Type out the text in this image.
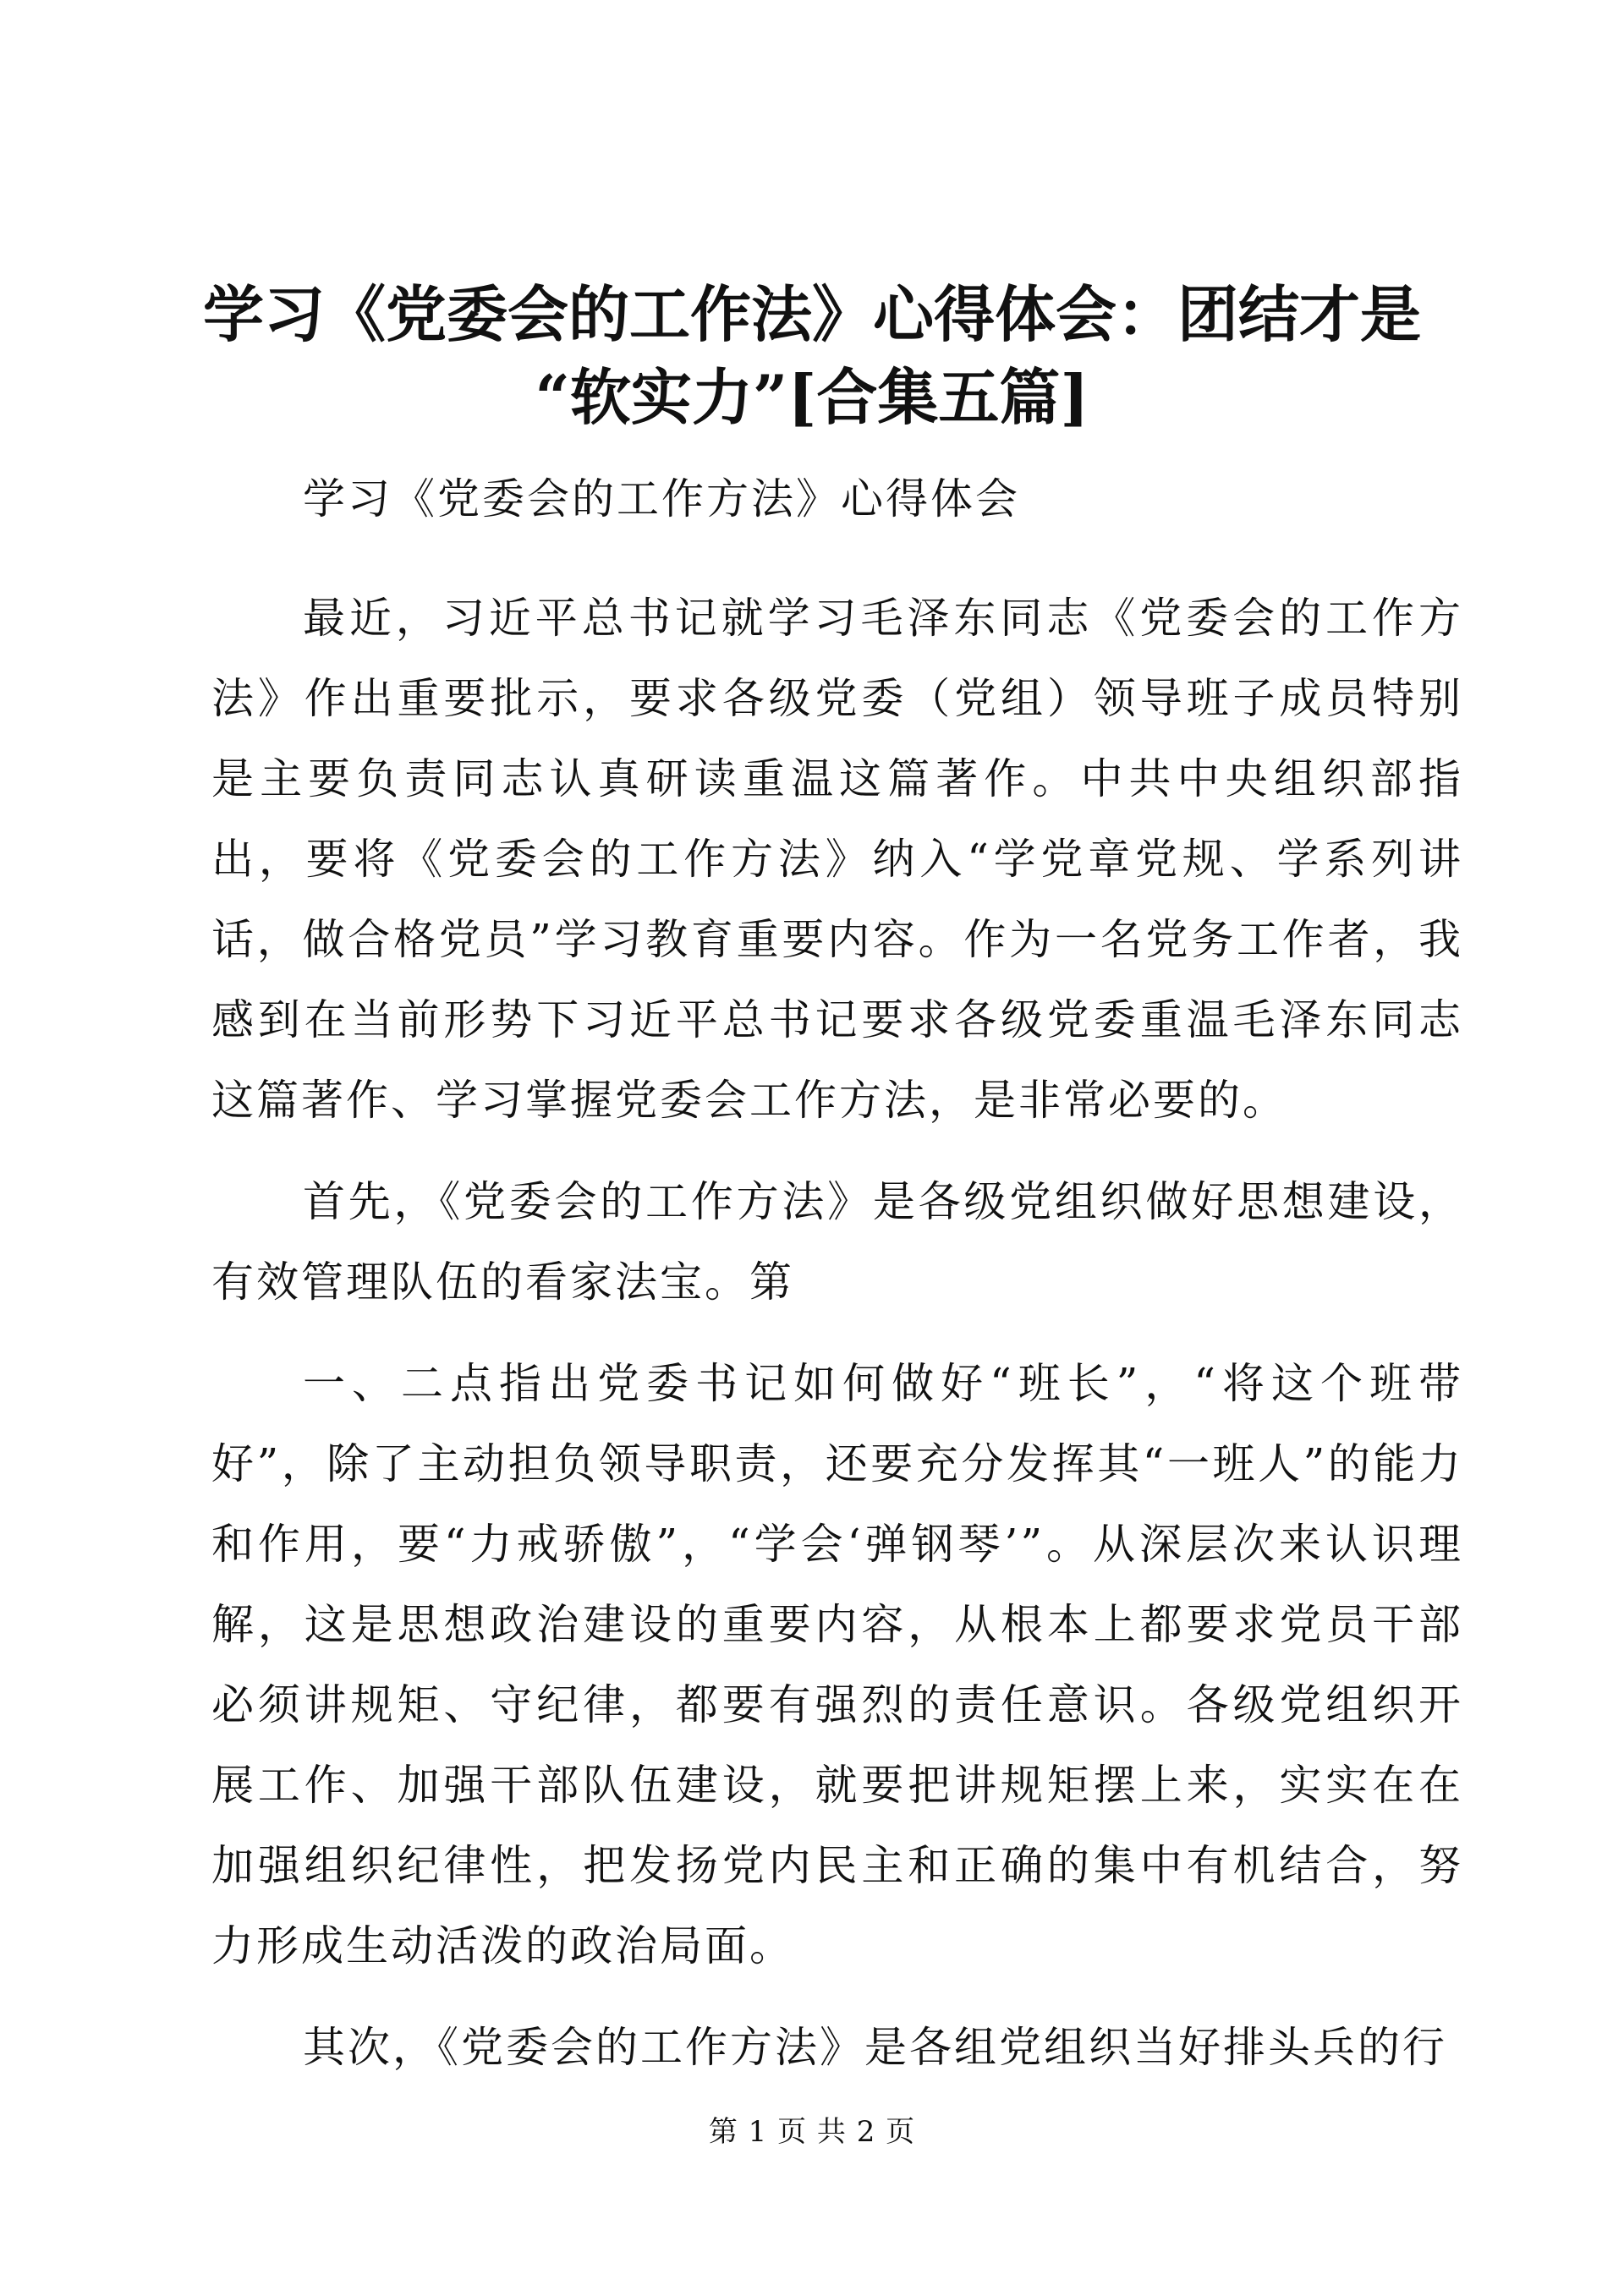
学习《党委会的工作法》心得体会：团结才是
“软实力”[合集五篇]

学习《党委会的工作方法》心得体会

最近，习近平总书记就学习毛泽东同志《党委会的工作方法》作出重要批示，要求各级党委（党组）领导班子成员特别是主要负责同志认真研读重温这篇著作。中共中央组织部指出，要将《党委会的工作方法》纳入“学党章党规、学系列讲话，做合格党员”学习教育重要内容。作为一名党务工作者，我感到在当前形势下习近平总书记要求各级党委重温毛泽东同志这篇著作、学习掌握党委会工作方法，是非常必要的。

首先，《党委会的工作方法》是各级党组织做好思想建设，有效管理队伍的看家法宝。第

一、二点指出党委书记如何做好“班长”，“将这个班带好”，除了主动担负领导职责，还要充分发挥其“一班人”的能力和作用，要“力戒骄傲”，“学会‘弹钢琴’”。从深层次来认识理解，这是思想政治建设的重要内容，从根本上都要求党员干部必须讲规矩、守纪律，都要有强烈的责任意识。各级党组织开展工作、加强干部队伍建设，就要把讲规矩摆上来，实实在在加强组织纪律性，把发扬党内民主和正确的集中有机结合，努力形成生动活泼的政治局面。

其次，《党委会的工作方法》是各组党组织当好排头兵的行

第 1 页 共 2 页
